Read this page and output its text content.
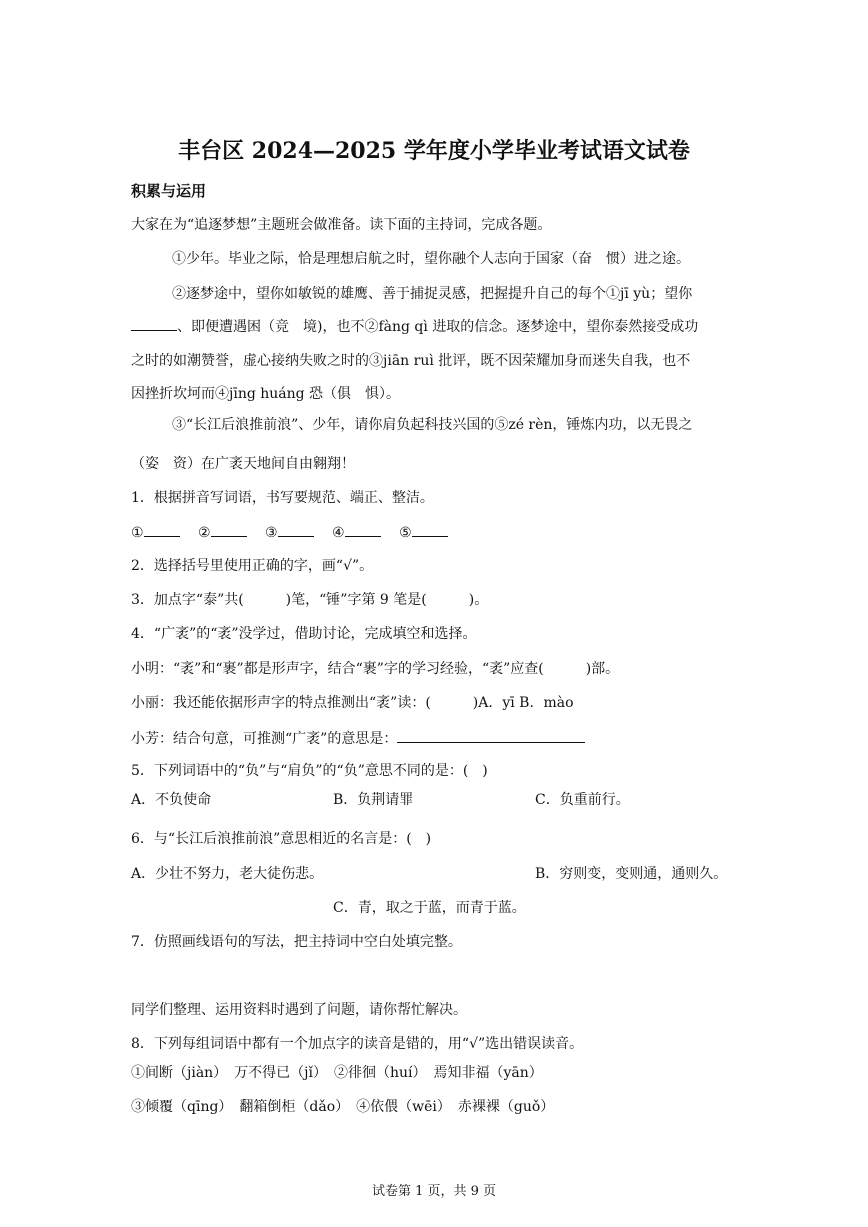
丰台区 2024—2025 学年度小学毕业考试语文试卷
积累与运用
大家在为“追逐梦想”主题班会做准备。读下面的主持词，完成各题。
①少年。毕业之际，恰是理想启航之时，望你融个人志向于国家（奋　惯）进之途。
②逐梦途中，望你如敏锐的雄鹰、善于捕捉灵感，把握提升自己的每个①jī yù；望你
、即便遭遇困（竞　境)，也不②fàng qì 进取的信念。逐梦途中，望你泰然接受成功
之时的如潮赞誉，虚心接纳失败之时的③jiān ruì 批评，既不因荣耀加身而迷失自我，也不
因挫折坎坷而④jīng huáng 恐（俱　惧）。
③“长江后浪推前浪”、少年，请你肩负起科技兴国的⑤zé rèn，锤炼内功，以无畏之
（姿　资）在广袤天地间自由翱翔！
1．根据拼音写词语，书写要规范、端正、整洁。
①	②	③	④	⑤
2．选择括号里使用正确的字，画“√”。
3．加点字“泰”共(　　　)笔，“锤”字第 9 笔是(　　　)。
4．“广袤”的“袤”没学过，借助讨论，完成填空和选择。
小明：“袤”和“裹”都是形声字，结合“裹”字的学习经验，“袤”应查(　　　)部。
小丽：我还能依据形声字的特点推测出“袤”读：(　　　)A．yī B．mào
小芳：结合句意，可推测“广袤”的意思是：
5．下列词语中的“负”与“肩负”的“负”意思不同的是：(　)
A．不负使命	B．负荆请罪	C．负重前行。
6．与“长江后浪推前浪”意思相近的名言是：(　)
A．少壮不努力，老大徒伤悲。	B．穷则变，变则通，通则久。
C．青，取之于蓝，而青于蓝。
7．仿照画线语句的写法，把主持词中空白处填完整。
同学们整理、运用资料时遇到了问题，请你帮忙解决。
8．下列每组词语中都有一个加点字的读音是错的，用“√”选出错误读音。
①间断（jiàn）　万不得已（jǐ）　②徘徊（huí）　焉知非福（yān）
③倾覆（qīng）　翻箱倒柜（dǎo）　④依偎（wēi）　赤裸裸（guǒ）
试卷第 1 页，共 9 页
